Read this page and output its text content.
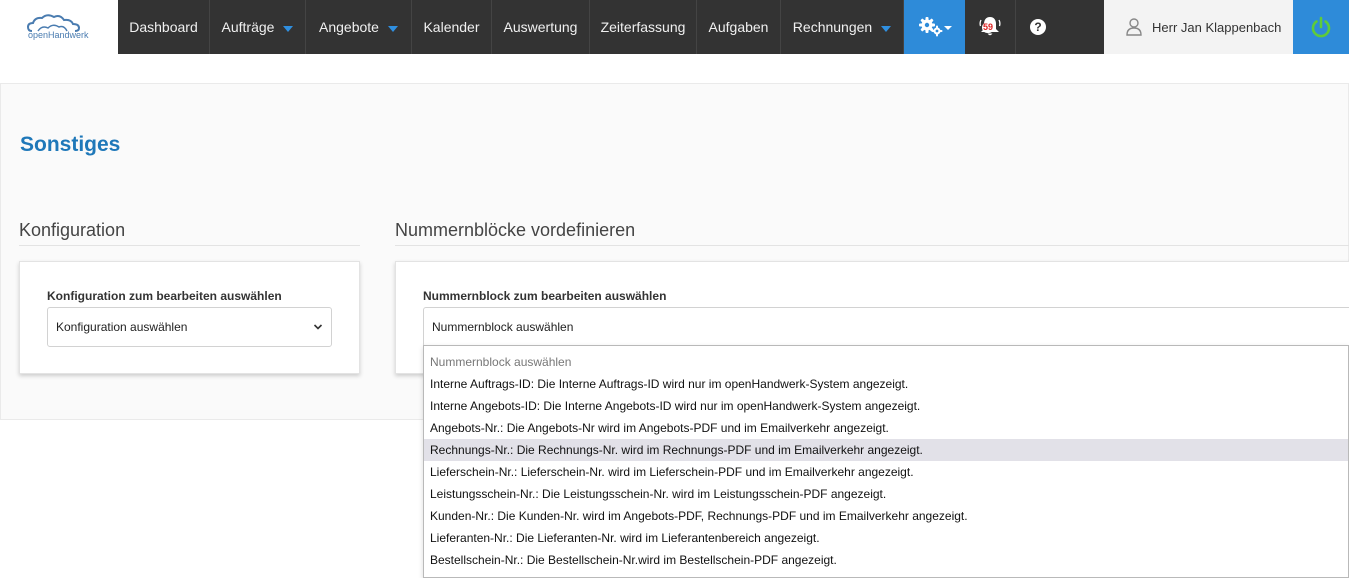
openHandwerk	Dashboard Aufträge	Angebote	Kalender Auswertung Zeiterfassung Aufgaben Rechnungen	59	?	Herr Jan Klappenbach
Sonstiges
Konfiguration
Konfiguration zum bearbeiten auswählen
Konfiguration auswählen
Nummernblöcke vordefinieren
Nummernblock zum bearbeiten auswählen
Nummernblock auswählen
Nummernblock auswählen
Interne Auftrags-ID: Die Interne Auftrags-ID wird nur im openHandwerk-System angezeigt.
Interne Angebots-ID: Die Interne Angebots-ID wird nur im openHandwerk-System angezeigt.
Angebots-Nr.: Die Angebots-Nr wird im Angebots-PDF und im Emailverkehr angezeigt.
Rechnungs-Nr.: Die Rechnungs-Nr. wird im Rechnungs-PDF und im Emailverkehr angezeigt.
Lieferschein-Nr.: Lieferschein-Nr. wird im Lieferschein-PDF und im Emailverkehr angezeigt.
Leistungsschein-Nr.: Die Leistungsschein-Nr. wird im Leistungsschein-PDF angezeigt.
Kunden-Nr.: Die Kunden-Nr. wird im Angebots-PDF, Rechnungs-PDF und im Emailverkehr angezeigt.
Lieferanten-Nr.: Die Lieferanten-Nr. wird im Lieferantenbereich angezeigt.
Bestellschein-Nr.: Die Bestellschein-Nr.wird im Bestellschein-PDF angezeigt.
